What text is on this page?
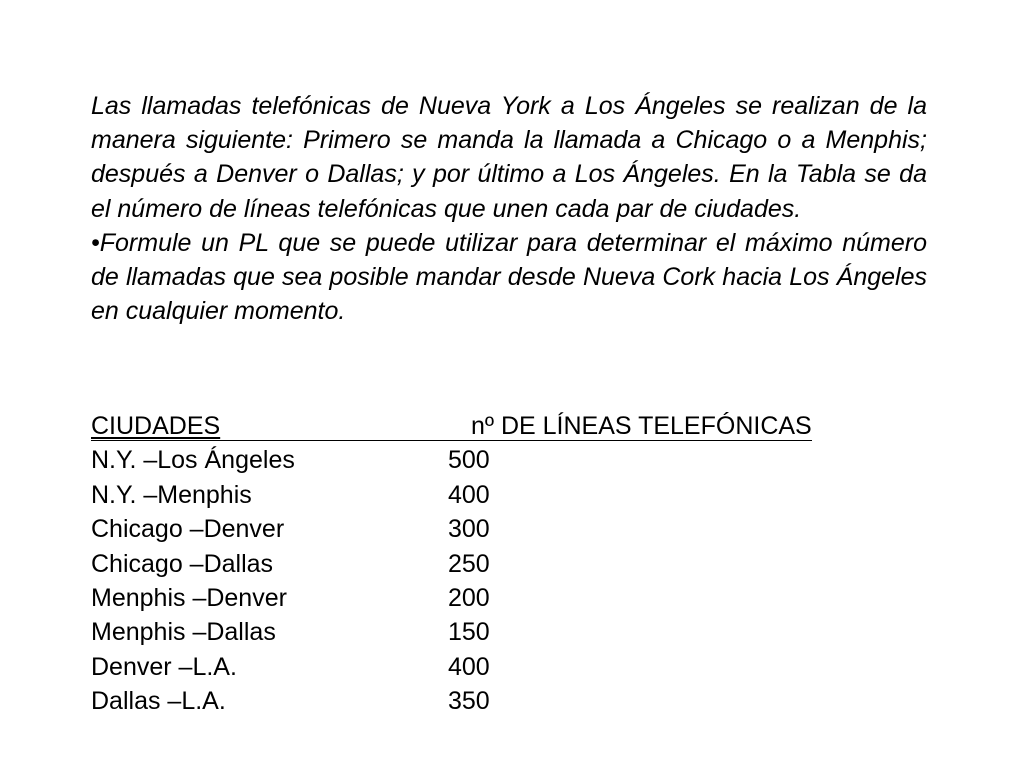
Las llamadas telefónicas de Nueva York a Los Ángeles se realizan de la manera siguiente: Primero se manda la llamada a Chicago o a Menphis; después a Denver o Dallas; y por último a Los Ángeles. En la Tabla se da el número de líneas telefónicas que unen cada par de ciudades.

•Formule un PL que se puede utilizar para determinar el máximo número de llamadas que sea posible mandar desde Nueva Cork hacia Los Ángeles en cualquier momento.

CIUDADES	nº DE LÍNEAS TELEFÓNICAS
N.Y. –Los Ángeles	500
N.Y. –Menphis	400
Chicago –Denver	300
Chicago –Dallas	250
Menphis –Denver	200
Menphis –Dallas	150
Denver –L.A.	400
Dallas –L.A.	350
